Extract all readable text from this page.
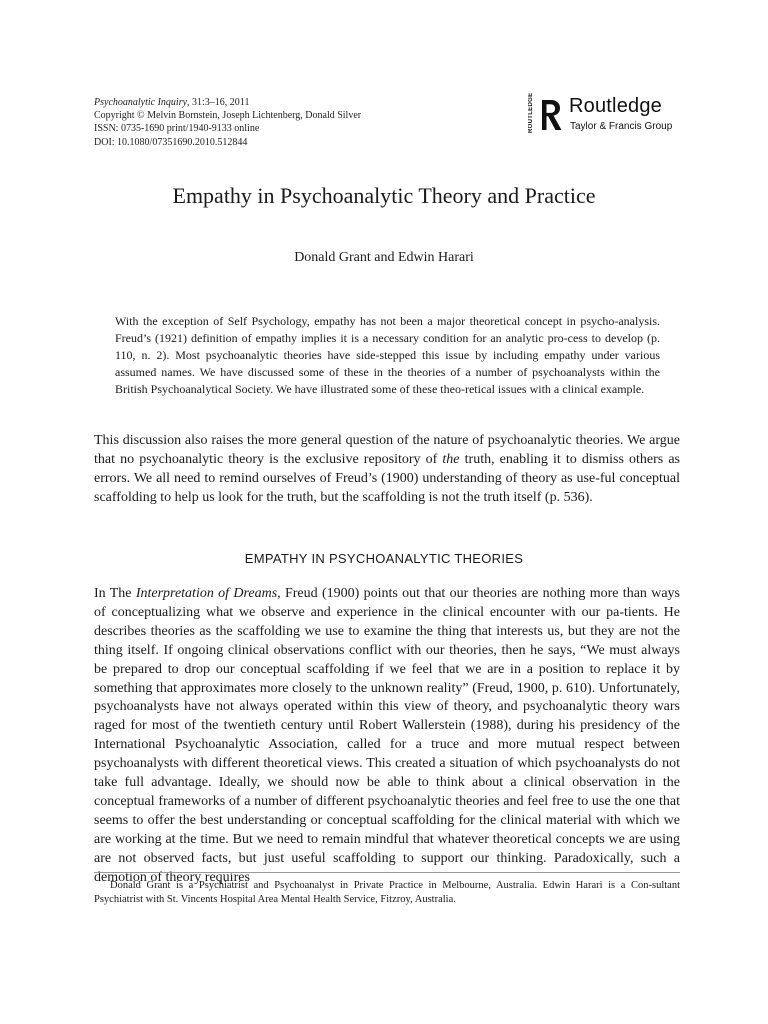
Psychoanalytic Inquiry, 31:3–16, 2011
Copyright © Melvin Bornstein, Joseph Lichtenberg, Donald Silver
ISSN: 0735-1690 print/1940-9133 online
DOI: 10.1080/07351690.2010.512844
ROUTLEDGE	Routledge
Taylor & Francis Group
Empathy in Psychoanalytic Theory and Practice
Donald Grant and Edwin Harari

With the exception of Self Psychology, empathy has not been a major theoretical concept in psycho-analysis. Freud’s (1921) definition of empathy implies it is a necessary condition for an analytic pro-cess to develop (p. 110, n. 2). Most psychoanalytic theories have side-stepped this issue by including empathy under various assumed names. We have discussed some of these in the theories of a number of psychoanalysts within the British Psychoanalytical Society. We have illustrated some of these theo-retical issues with a clinical example.

This discussion also raises the more general question of the nature of psychoanalytic theories. We argue that no psychoanalytic theory is the exclusive repository of the truth, enabling it to dismiss others as errors. We all need to remind ourselves of Freud’s (1900) understanding of theory as use-ful conceptual scaffolding to help us look for the truth, but the scaffolding is not the truth itself (p. 536).

EMPATHY IN PSYCHOANALYTIC THEORIES

In The Interpretation of Dreams, Freud (1900) points out that our theories are nothing more than ways of conceptualizing what we observe and experience in the clinical encounter with our pa-tients. He describes theories as the scaffolding we use to examine the thing that interests us, but they are not the thing itself. If ongoing clinical observations conflict with our theories, then he says, “We must always be prepared to drop our conceptual scaffolding if we feel that we are in a position to replace it by something that approximates more closely to the unknown reality” (Freud, 1900, p. 610). Unfortunately, psychoanalysts have not always operated within this view of theory, and psychoanalytic theory wars raged for most of the twentieth century until Robert Wallerstein (1988), during his presidency of the International Psychoanalytic Association, called for a truce and more mutual respect between psychoanalysts with different theoretical views. This created a situation of which psychoanalysts do not take full advantage. Ideally, we should now be able to think about a clinical observation in the conceptual frameworks of a number of different psychoanalytic theories and feel free to use the one that seems to offer the best understanding or conceptual scaffolding for the clinical material with which we are working at the time. But we need to remain mindful that whatever theoretical concepts we are using are not observed facts, but just useful scaffolding to support our thinking. Paradoxically, such a demotion of theory requires

Donald Grant is a Psychiatrist and Psychoanalyst in Private Practice in Melbourne, Australia. Edwin Harari is a Con-sultant Psychiatrist with St. Vincents Hospital Area Mental Health Service, Fitzroy, Australia.
